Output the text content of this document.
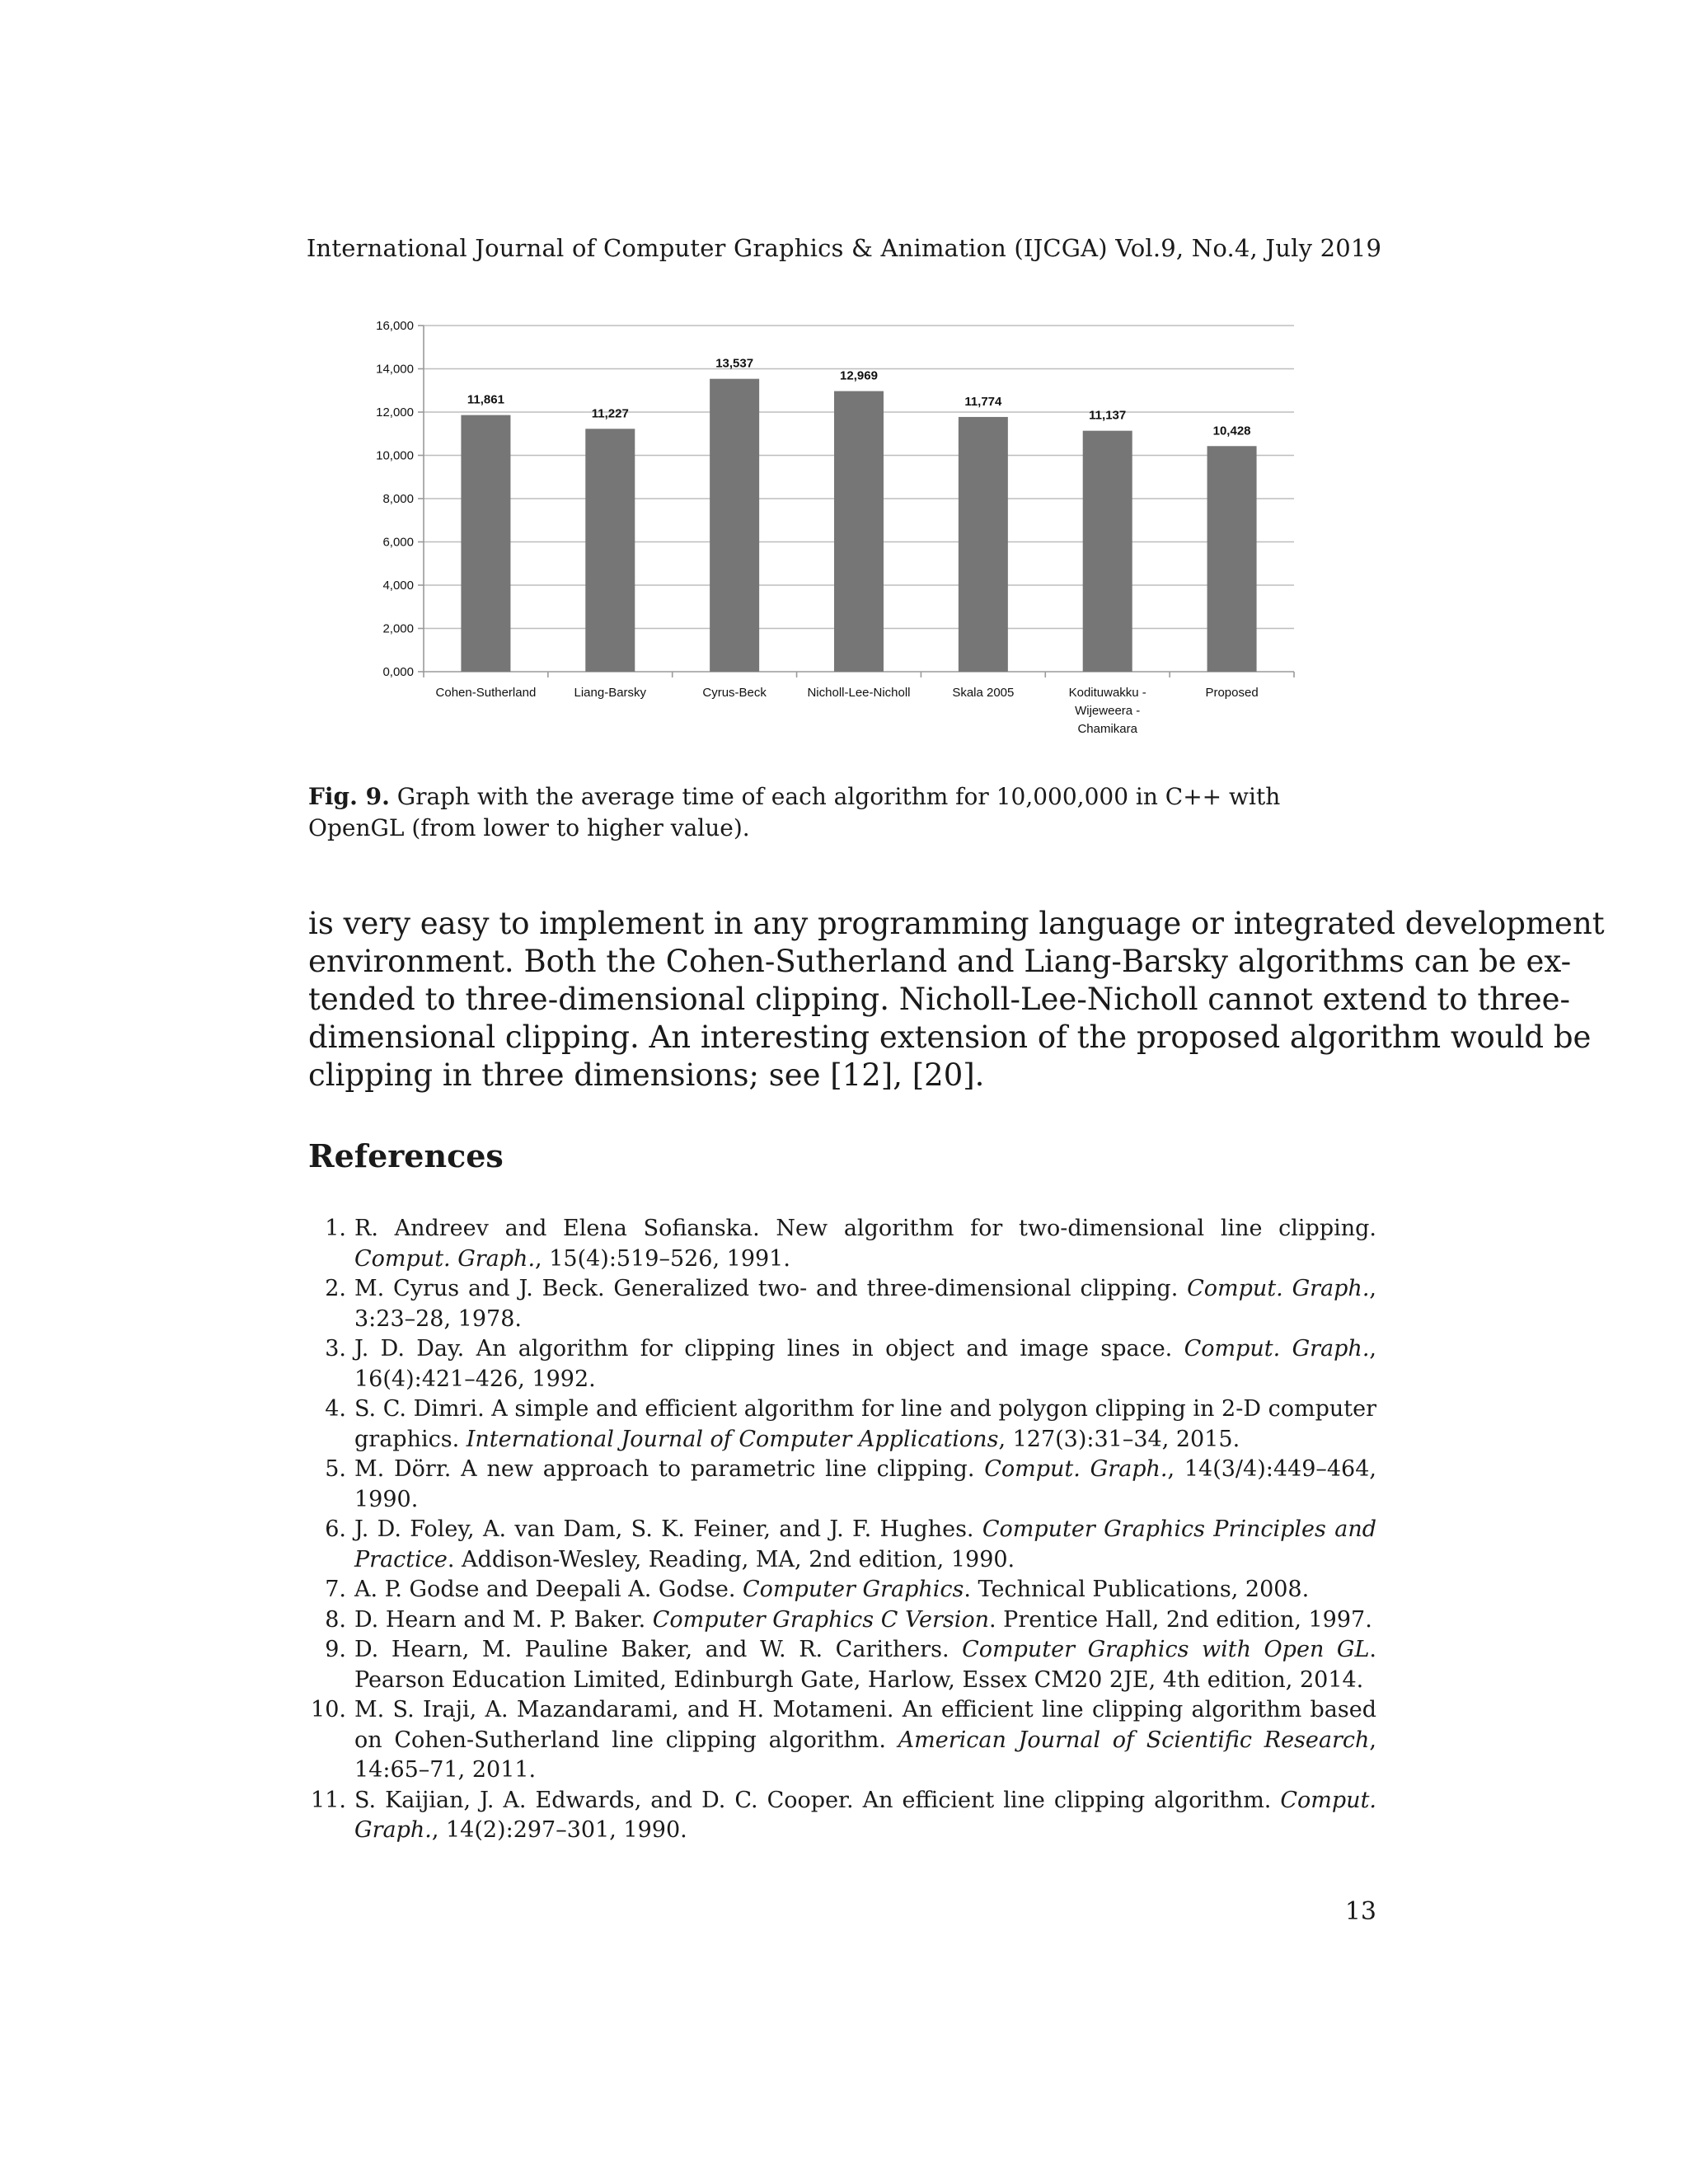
International Journal of Computer Graphics & Animation (IJCGA) Vol.9, No.4, July 2019
0,000
2,000
4,000
6,000
8,000
10,000
12,000
14,000
16,000
11,861
Cohen-Sutherland
11,227
Liang-Barsky
13,537
Cyrus-Beck
12,969
Nicholl-Lee-Nicholl
11,774
Skala 2005
11,137
Kodituwakku -
Wijeweera -
Chamikara
10,428
Proposed
Fig. 9. Graph with the average time of each algorithm for 10,000,000 in C++ with OpenGL (from lower to higher value).
is very easy to implement in any programming language or integrated development
environment. Both the Cohen-Sutherland and Liang-Barsky algorithms can be ex-
tended to three-dimensional clipping. Nicholl-Lee-Nicholl cannot extend to three-
dimensional clipping. An interesting extension of the proposed algorithm would be
clipping in three dimensions; see [12], [20].
References
1. R. Andreev and Elena Sofianska. New algorithm for two-dimensional line clipping. Comput. Graph., 15(4):519–526, 1991.
2. M. Cyrus and J. Beck. Generalized two- and three-dimensional clipping. Comput. Graph., 3:23–28, 1978.
3. J. D. Day. An algorithm for clipping lines in object and image space. Comput. Graph., 16(4):421–426, 1992.
4. S. C. Dimri. A simple and efficient algorithm for line and polygon clipping in 2-D computer graphics. International Journal of Computer Applications, 127(3):31–34, 2015.
5. M. Dörr. A new approach to parametric line clipping. Comput. Graph., 14(3/4):449–464, 1990.
6. J. D. Foley, A. van Dam, S. K. Feiner, and J. F. Hughes. Computer Graphics Principles and Practice. Addison-Wesley, Reading, MA, 2nd edition, 1990.
7. A. P. Godse and Deepali A. Godse. Computer Graphics. Technical Publications, 2008.
8. D. Hearn and M. P. Baker. Computer Graphics C Version. Prentice Hall, 2nd edition, 1997.
9. D. Hearn, M. Pauline Baker, and W. R. Carithers. Computer Graphics with Open GL. Pearson Education Limited, Edinburgh Gate, Harlow, Essex CM20 2JE, 4th edition, 2014.
10. M. S. Iraji, A. Mazandarami, and H. Motameni. An efficient line clipping algorithm based on Cohen-Sutherland line clipping algorithm. American Journal of Scientific Research, 14:65–71, 2011.
11. S. Kaijian, J. A. Edwards, and D. C. Cooper. An efficient line clipping algorithm. Comput. Graph., 14(2):297–301, 1990.
13
